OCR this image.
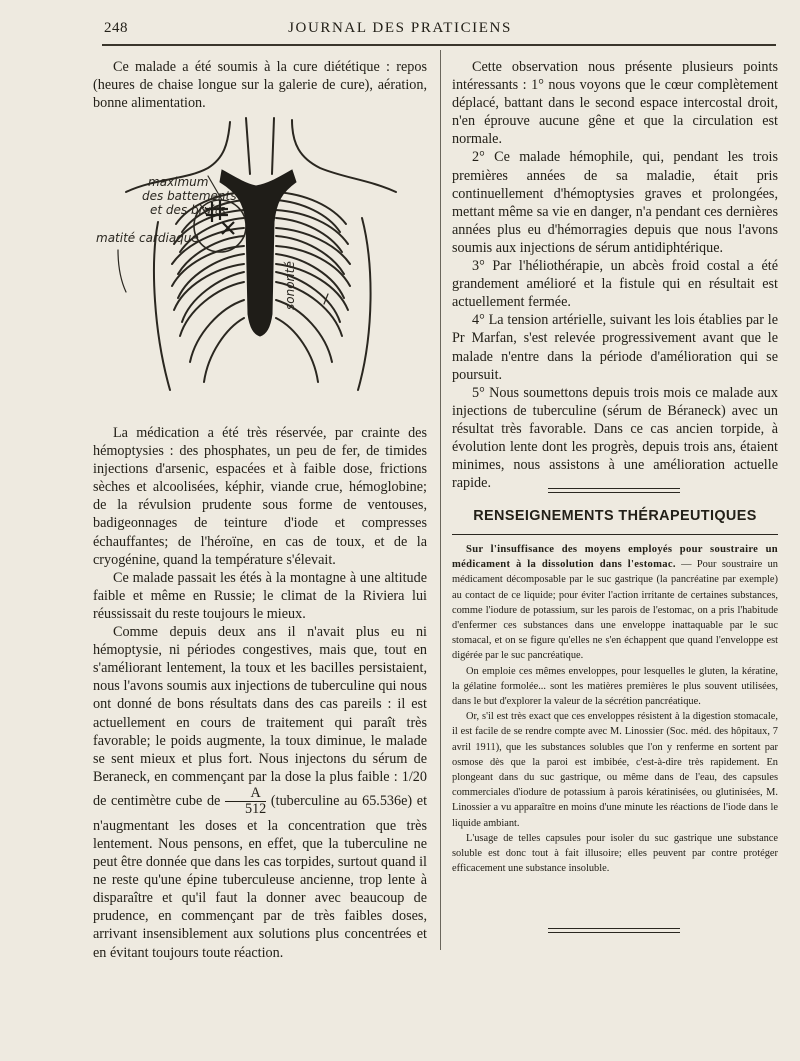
248	JOURNAL DES PRATICIENS

Ce malade a été soumis à la cure diététique : repos (heures de chaise longue sur la galerie de cure), aération, bonne alimentation.

maximum
des battements
et des bruits
matité cardiaque
sonorité

La médication a été très réservée, par crainte des hémoptysies : des phosphates, un peu de fer, de timides injections d'arsenic, espacées et à faible dose, frictions sèches et alcoolisées, képhir, viande crue, hémoglobine; de la révulsion prudente sous forme de ventouses, badigeonnages de teinture d'iode et compresses échauffantes; de l'héroïne, en cas de toux, et de la cryogénine, quand la température s'élevait.

Ce malade passait les étés à la montagne à une altitude faible et même en Russie; le climat de la Riviera lui réussissait du reste toujours le mieux.

Comme depuis deux ans il n'avait plus eu ni hémoptysie, ni périodes congestives, mais que, tout en s'améliorant lentement, la toux et les bacilles persistaient, nous l'avons soumis aux injections de tuberculine qui nous ont donné de bons résultats dans des cas pareils : il est actuellement en cours de traitement qui paraît très favorable; le poids augmente, la toux diminue, le malade se sent mieux et plus fort. Nous injectons du sérum de Beraneck, en commençant par la dose la plus faible : 1/20 de centimètre cube de $\frac{A}{512}$ (tuberculine au 65.536e) et n'augmentant les doses et la concentration que très lentement. Nous pensons, en effet, que la tuberculine ne peut être donnée que dans les cas torpides, surtout quand il ne reste qu'une épine tuberculeuse ancienne, trop lente à disparaître et qu'il faut la donner avec beaucoup de prudence, en commençant par de très faibles doses, arrivant insensiblement aux solutions plus concentrées et en évitant toujours toute réaction.

Cette observation nous présente plusieurs points intéressants : 1° nous voyons que le cœur complètement déplacé, battant dans le second espace intercostal droit, n'en éprouve aucune gêne et que la circulation est normale.

2° Ce malade hémophile, qui, pendant les trois premières années de sa maladie, était pris continuellement d'hémoptysies graves et prolongées, mettant même sa vie en danger, n'a pendant ces dernières années plus eu d'hémorragies depuis que nous l'avons soumis aux injections de sérum antidiphtérique.

3° Par l'héliothérapie, un abcès froid costal a été grandement amélioré et la fistule qui en résultait est actuellement fermée.

4° La tension artérielle, suivant les lois établies par le Pr Marfan, s'est relevée progressivement avant que le malade n'entre dans la période d'amélioration qui se poursuit.

5° Nous soumettons depuis trois mois ce malade aux injections de tuberculine (sérum de Béraneck) avec un résultat très favorable. Dans ce cas ancien torpide, à évolution lente dont les progrès, depuis trois ans, étaient minimes, nous assistons à une amélioration actuelle rapide.

RENSEIGNEMENTS THÉRAPEUTIQUES

Sur l'insuffisance des moyens employés pour soustraire un médicament à la dissolution dans l'estomac. — Pour soustraire un médicament décomposable par le suc gastrique (la pancréatine par exemple) au contact de ce liquide; pour éviter l'action irritante de certaines substances, comme l'iodure de potassium, sur les parois de l'estomac, on a pris l'habitude d'enfermer ces substances dans une enveloppe inattaquable par le suc stomacal, et on se figure qu'elles ne s'en échappent que quand l'enveloppe est digérée par le suc pancréatique.

On emploie ces mêmes enveloppes, pour lesquelles le gluten, la kératine, la gélatine formolée... sont les matières premières le plus souvent utilisées, dans le but d'explorer la valeur de la sécrétion pancréatique.

Or, s'il est très exact que ces enveloppes résistent à la digestion stomacale, il est facile de se rendre compte avec M. Linossier (Soc. méd. des hôpitaux, 7 avril 1911), que les substances solubles que l'on y renferme en sortent par osmose dès que la paroi est imbibée, c'est-à-dire très rapidement. En plongeant dans du suc gastrique, ou même dans de l'eau, des capsules commerciales d'iodure de potassium à parois kératinisées, ou glutinisées, M. Linossier a vu apparaître en moins d'une minute les réactions de l'iode dans le liquide ambiant.

L'usage de telles capsules pour isoler du suc gastrique une substance soluble est donc tout à fait illusoire; elles peuvent par contre protéger efficacement une substance insoluble.
